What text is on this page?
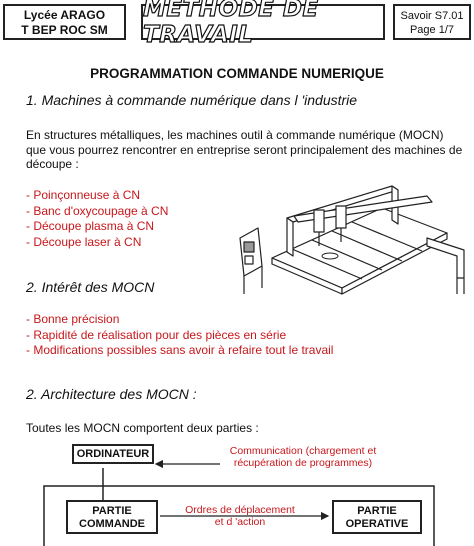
Lycée ARAGO
T BEP ROC SM
METHODE DE TRAVAIL
Savoir S7.01
Page 1/7
PROGRAMMATION COMMANDE NUMERIQUE
1. Machines à commande numérique dans l 'industrie
En structures métalliques, les machines outil à commande numérique (MOCN) que vous pourrez rencontrer en entreprise seront principalement des machines de découpe :
- Poinçonneuse à CN
- Banc d'oxycoupage à CN
- Découpe plasma à CN
- Découpe laser à CN
2. Intérêt des MOCN
- Bonne précision
- Rapidité de réalisation pour des pièces en série
- Modifications possibles sans avoir à refaire tout le travail
2. Architecture des MOCN :
Toutes les MOCN comportent deux parties :
ORDINATEUR	Communication (chargement et récupération de programmes)
PARTIE
COMMANDE
Ordres de déplacement
et d 'action
PARTIE
OPERATIVE
